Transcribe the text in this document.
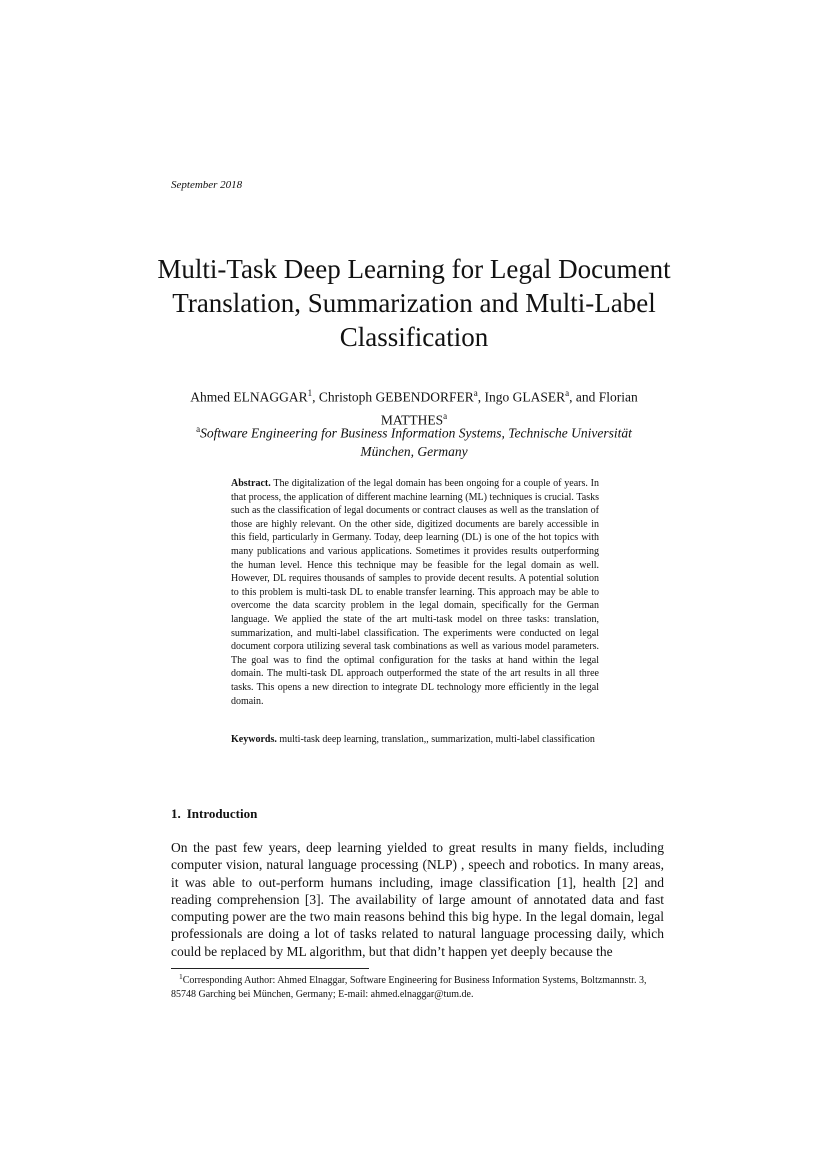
September 2018
Multi-Task Deep Learning for Legal Document Translation, Summarization and Multi-Label Classification
Ahmed ELNAGGAR$^1$, Christoph GEBENDORFER$^a$, Ingo GLASER$^a$, and Florian MATTHES$^a$
$^a$Software Engineering for Business Information Systems, Technische Universität München, Germany
Abstract. The digitalization of the legal domain has been ongoing for a couple of years. In that process, the application of different machine learning (ML) techniques is crucial. Tasks such as the classification of legal documents or contract clauses as well as the translation of those are highly relevant. On the other side, digitized documents are barely accessible in this field, particularly in Germany. Today, deep learning (DL) is one of the hot topics with many publications and various applications. Sometimes it provides results outperforming the human level. Hence this technique may be feasible for the legal domain as well. However, DL requires thousands of samples to provide decent results. A potential solution to this problem is multi-task DL to enable transfer learning. This approach may be able to overcome the data scarcity problem in the legal domain, specifically for the German language. We applied the state of the art multi-task model on three tasks: translation, summarization, and multi-label classification. The experiments were conducted on legal document corpora utilizing several task combinations as well as various model parameters. The goal was to find the optimal configuration for the tasks at hand within the legal domain. The multi-task DL approach outperformed the state of the art results in all three tasks. This opens a new direction to integrate DL technology more efficiently in the legal domain.
Keywords. multi-task deep learning, translation,, summarization, multi-label classification
1. Introduction
On the past few years, deep learning yielded to great results in many fields, including computer vision, natural language processing (NLP) , speech and robotics. In many areas, it was able to out-perform humans including, image classification [1], health [2] and reading comprehension [3]. The availability of large amount of annotated data and fast computing power are the two main reasons behind this big hype. In the legal domain, legal professionals are doing a lot of tasks related to natural language processing daily, which could be replaced by ML algorithm, but that didn’t happen yet deeply because the
$^1$Corresponding Author: Ahmed Elnaggar, Software Engineering for Business Information Systems, Boltzmannstr. 3, 85748 Garching bei München, Germany; E-mail: ahmed.elnaggar@tum.de.
